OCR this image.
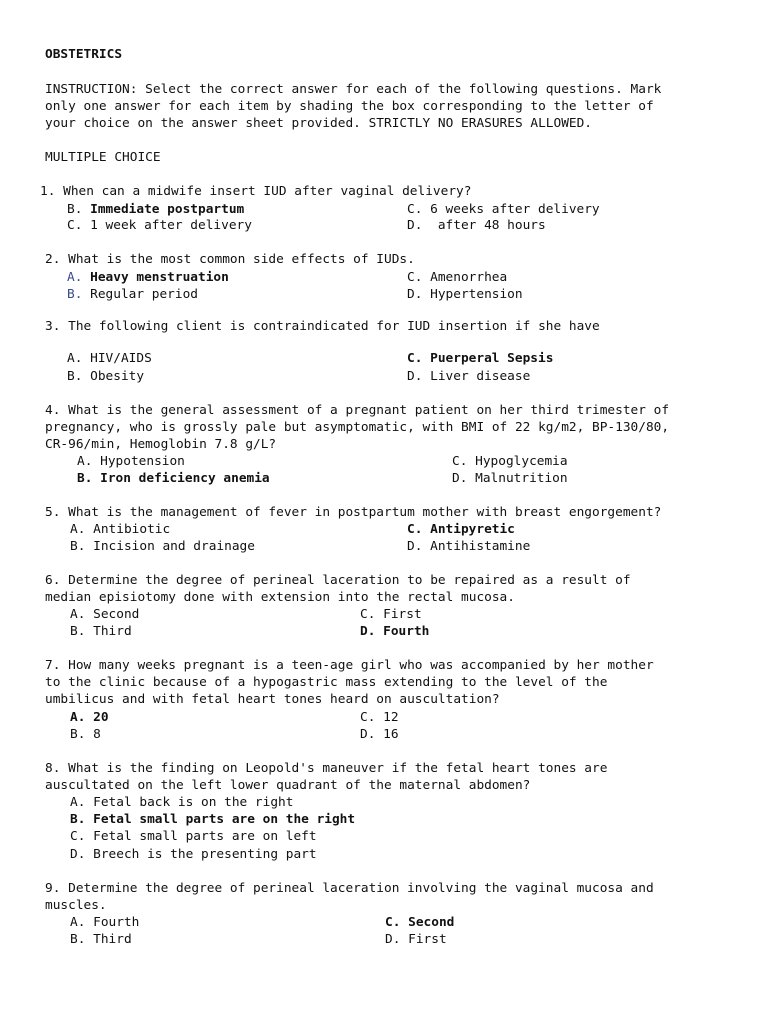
OBSTETRICS
INSTRUCTION: Select the correct answer for each of the following questions. Mark
only one answer for each item by shading the box corresponding to the letter of
your choice on the answer sheet provided. STRICTLY NO ERASURES ALLOWED.
MULTIPLE CHOICE
1. When can a midwife insert IUD after vaginal delivery?
B. Immediate postpartum	C. 6 weeks after delivery
C. 1 week after delivery	D.  after 48 hours
2. What is the most common side effects of IUDs.
A. Heavy menstruation	C. Amenorrhea
B. Regular period	D. Hypertension
3. The following client is contraindicated for IUD insertion if she have
A. HIV/AIDS	C. Puerperal Sepsis
B. Obesity	D. Liver disease
4. What is the general assessment of a pregnant patient on her third trimester of
pregnancy, who is grossly pale but asymptomatic, with BMI of 22 kg/m2, BP-130/80,
CR-96/min, Hemoglobin 7.8 g/L?
A. Hypotension	C. Hypoglycemia
B. Iron deficiency anemia	D. Malnutrition
5. What is the management of fever in postpartum mother with breast engorgement?
A. Antibiotic	C. Antipyretic
B. Incision and drainage	D. Antihistamine
6. Determine the degree of perineal laceration to be repaired as a result of
median episiotomy done with extension into the rectal mucosa.
A. Second	C. First
B. Third	D. Fourth
7. How many weeks pregnant is a teen-age girl who was accompanied by her mother
to the clinic because of a hypogastric mass extending to the level of the
umbilicus and with fetal heart tones heard on auscultation?
A. 20	C. 12
B. 8	D. 16
8. What is the finding on Leopold's maneuver if the fetal heart tones are
auscultated on the left lower quadrant of the maternal abdomen?
A. Fetal back is on the right
B. Fetal small parts are on the right
C. Fetal small parts are on left
D. Breech is the presenting part
9. Determine the degree of perineal laceration involving the vaginal mucosa and
muscles.
A. Fourth	C. Second
B. Third	D. First
